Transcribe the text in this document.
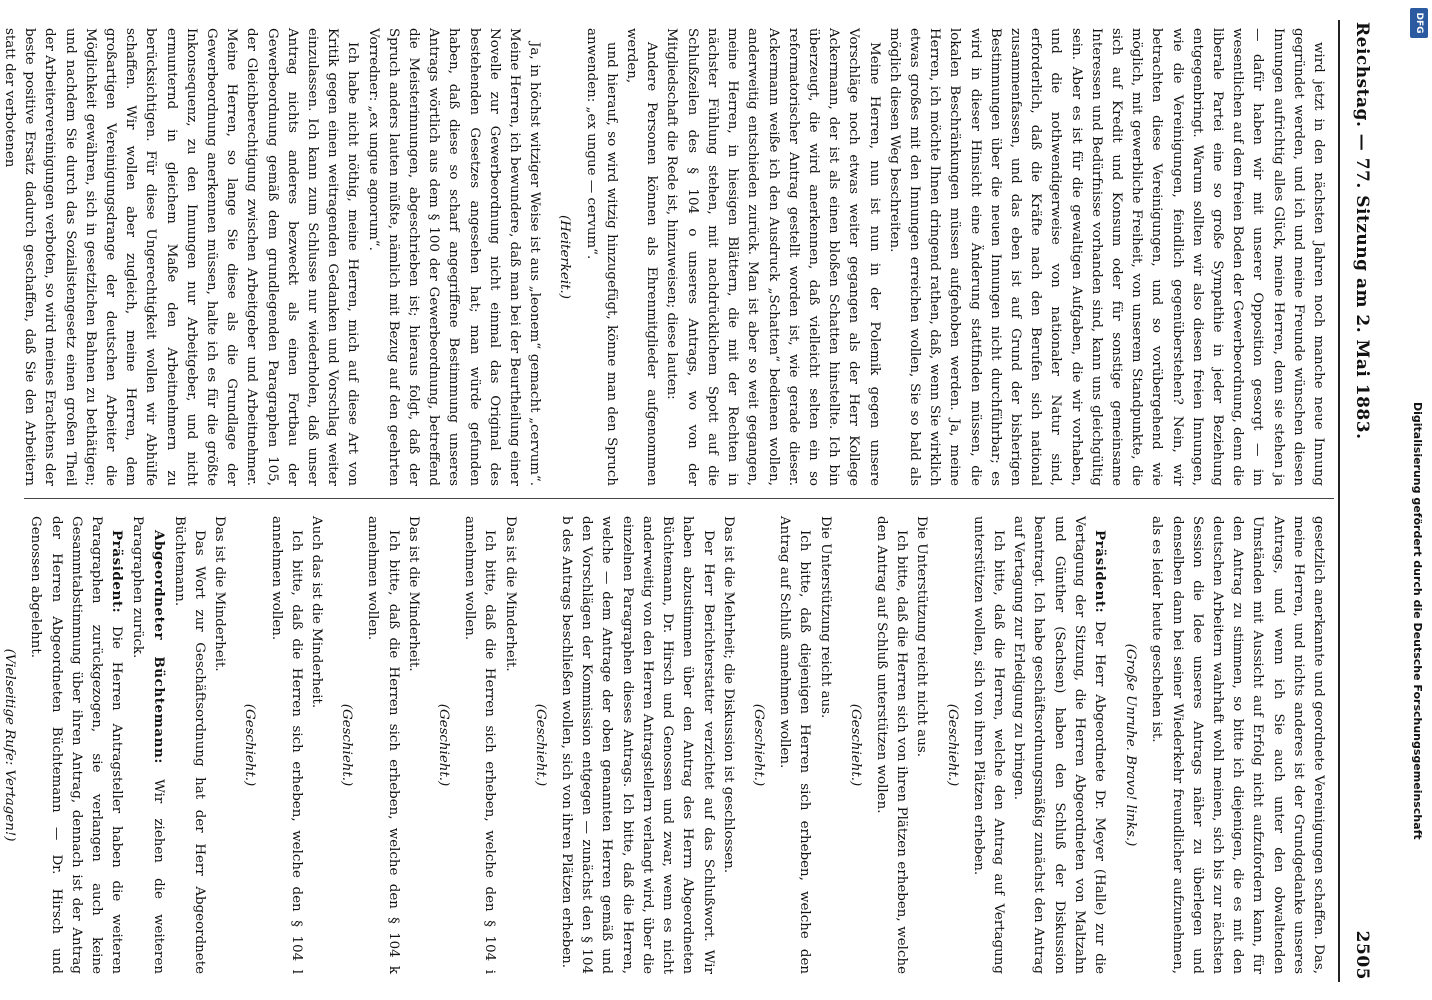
Reichstag. — 77. Sitzung am 2. Mai 1883.
2505

wird jetzt in den nächsten Jahren noch manche neue Innung gegründet werden, und ich und meine Freunde wünschen diesen Innungen aufrichtig alles Glück, meine Herren, denn sie stehen ja — dafür haben wir mit unserer Opposition gesorgt — im wesentlichen auf dem freien Boden der Gewerbeordnung, denn die liberale Partei eine so große Sympathie in jeder Beziehung entgegenbringt. Warum sollten wir also diesen freien Innungen, wie die Vereinigungen, feindlich gegenüberstehen? Nein, wir betrachten diese Vereinigungen, und so vorübergehend wie möglich, mit gewerbliche Freiheit, von unserem Standpunkte, die sich auf Kredit und Konsum oder für sonstige gemeinsame Interessen und Bedürfnisse vorhanden sind, kann uns gleichgültig sein. Aber es ist für die gewaltigen Aufgaben, die wir vorhaben, und die nothwendigerweise von nationaler Natur sind, erforderlich, daß die Kräfte nach den Berufen sich national zusammenfassen, und das eben ist auf Grund der bisherigen Bestimmungen über die neuen Innungen nicht durchführbar; es wird in dieser Hinsicht eine Änderung stattfinden müssen, die lokalen Beschränkungen müssen aufgehoben werden. Ja, meine Herren, ich möchte Ihnen dringend rathen, daß, wenn Sie wirklich etwas großes mit den Innungen erreichen wollen, Sie so bald als möglich diesen Weg beschreiten.

Meine Herren, nun ist nun in der Polemik gegen unsere Vorschläge noch etwas weiter gegangen als der Herr Kollege Ackermann, der ist als einen bloßen Schatten hinstellte. Ich bin überzeugt, die wird anerkennen, daß vielleicht selten ein so reformatorischer Antrag gestellt worden ist, wie gerade dieser. Ackermann weiße ich den Ausdruck „Schatten“ bedienen wollen, anderweitig entschieden zurück. Man ist aber so weit gegangen, meine Herren, in hiesigen Blättern, die mit der Rechten in nächster Fühlung stehen, mit nachdrücklichem Spott auf die Schlußzeilen des § 104 o unseres Antrags, wo von der Mitgliedschaft die Rede ist, hinzuweisen; diese lauten:

Andere Personen können als Ehrenmitglieder aufgenommen werden,

und hierauf, so wird witzig hinzugefügt, könne man den Spruch anwenden: „ex ungue — cervum“.

(Heiterkeit.)

Ja, in höchst witziger Weise ist aus „leonem“ gemacht „cervum“. Meine Herren, ich bewundere, daß man bei der Beurtheilung einer Novelle zur Gewerbeordnung nicht einmal das Original des bestehenden Gesetzes angesehen hat; man würde gefunden haben, daß diese so scharf angegriffene Bestimmung unseres Antrags wörtlich aus dem § 100 der Gewerbeordnung, betreffend die Meisterinnungen, abgeschrieben ist; hieraus folgt, daß der Spruch anders lauten müßte, nämlich mit Bezug auf den geehrten Vorredner: „ex ungue agnorum“.

Ich habe nicht nöthig, meine Herren, mich auf diese Art von Kritik gegen einen weitragenden Gedanken und Vorschlag weiter einzulassen. Ich kann zum Schlusse nur wiederholen, daß unser Antrag nichts anderes bezweckt als einen Fortbau der Gewerbeordnung gemäß dem grundlegenden Paragraphen 105, der Gleichberechtigung zwischen Arbeitgeber und Arbeitnehmer. Meine Herren, so lange Sie diese als die Grundlage der Gewerbeordnung anerkennen müssen, halte ich es für die größte Inkonsequenz, zu den Innungen nur Arbeitgeber, und nicht ermunternd in gleichem Maße den Arbeitnehmern zu berücksichtigen. Für diese Ungerechtigkeit wollen wir Abhülfe schaffen. Wir wollen aber zugleich, meine Herren, dem großartigen Vereinigungsdrange der deutschen Arbeiter die Möglichkeit gewähren, sich in gesetzlichen Bahnen zu bethätigen; und nachdem Sie durch das Sozialistengesetz einen großen Theil der Arbeitervereinigungen verboten, so wird meines Erachtens der beste positive Ersatz dadurch geschaffen, daß Sie den Arbeitern statt der verbotenen

gesetzlich anerkannte und geordnete Vereinigungen schaffen. Das, meine Herren, und nichts anderes ist der Grundgedanke unseres Antrags, und wenn ich Sie auch unter den obwaltenden Umständen mit Aussicht auf Erfolg nicht aufzufordern kann, für den Antrag zu stimmen, so bitte ich diejenigen, die es mit den deutschen Arbeitern wahrhaft wohl meinen, sich bis zur nächsten Session die Idee unseres Antrags näher zu überlegen und denselben dann bei seiner Wiederkehr freundlicher aufzunehmen, als es leider heute geschehen ist.

(Große Unruhe. Bravo! links.)

Präsident: Der Herr Abgeordnete Dr. Meyer (Halle) zur die Vertagung der Sitzung, die Herren Abgeordneten von Maltzahn und Günther (Sachsen) haben den Schluß der Diskussion beantragt. Ich habe geschäftsordnungsmäßig zunächst den Antrag auf Vertagung zur Erledigung zu bringen.

Ich bitte, daß die Herren, welche den Antrag auf Vertagung unterstützen wollen, sich von ihren Plätzen erheben.

(Geschieht.)

Die Unterstützung reicht nicht aus.

Ich bitte, daß die Herren sich von ihren Plätzen erheben, welche den Antrag auf Schluß unterstützen wollen.

(Geschieht.)

Die Unterstützung reicht aus.

Ich bitte, daß diejenigen Herren sich erheben, welche den Antrag auf Schluß annehmen wollen.

(Geschieht.)

Das ist die Mehrheit; die Diskussion ist geschlossen.

Der Herr Berichterstatter verzichtet auf das Schlußwort. Wir haben abzustimmen über den Antrag des Herrn Abgeordneten Büchtemann, Dr. Hirsch und Genossen und zwar, wenn es nicht anderweitig von den Herren Antragstellern verlangt wird, über die einzelnen Paragraphen dieses Antrags. Ich bitte, daß die Herren, welche — dem Antrage der oben genannten Herren gemäß und den Vorschlägen der Kommission entgegen — zunächst den § 104 b des Antrags beschließen wollen, sich von ihren Plätzen erheben.

(Geschieht.)

Das ist die Minderheit.

Ich bitte, daß die Herren sich erheben, welche den § 104 i annehmen wollen.

(Geschieht.)

Das ist die Minderheit.

Ich bitte, daß die Herren sich erheben, welche den § 104 k annehmen wollen.

(Geschieht.)

Auch das ist die Minderheit.

Ich bitte, daß die Herren sich erheben, welche den § 104 l annehmen wollen.

(Geschieht.)

Das ist die Minderheit.

Das Wort zur Geschäftsordnung hat der Herr Abgeordnete Büchtemann.

Abgeordneter Büchtemann: Wir ziehen die weiteren Paragraphen zurück.

Präsident: Die Herren Antragsteller haben die weiteren Paragraphen zurückgezogen, sie verlangen auch keine Gesammtabstimmung über ihren Antrag, dennach ist der Antrag der Herren Abgeordneten Büchtemann — Dr. Hirsch und Genossen abgelehnt.

(Vielseitige Rufe: Vertagen!)

DFG
Digitalisierung gefördert durch die Deutsche Forschungsgemeinschaft
